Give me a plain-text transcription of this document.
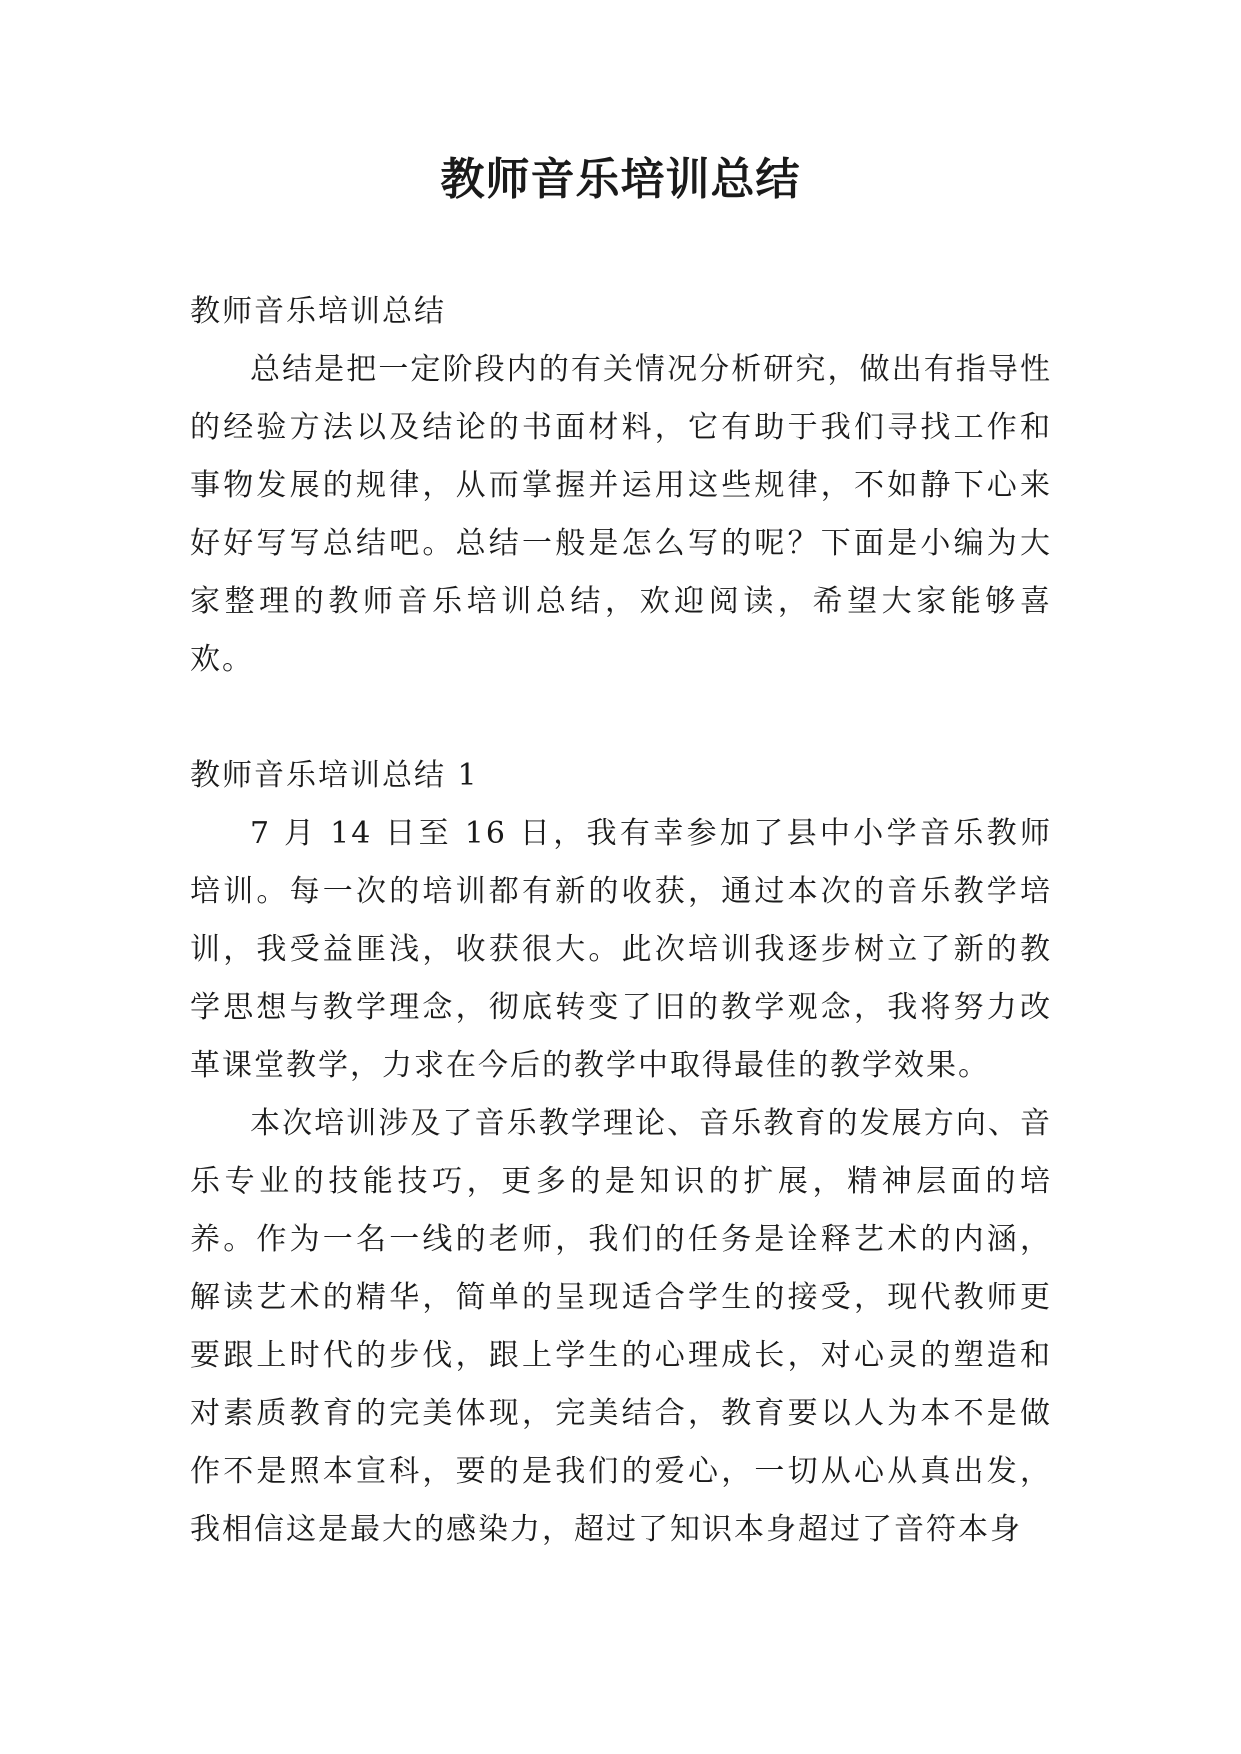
教师音乐培训总结

教师音乐培训总结

总结是把一定阶段内的有关情况分析研究，做出有指导性的经验方法以及结论的书面材料，它有助于我们寻找工作和事物发展的规律，从而掌握并运用这些规律，不如静下心来好好写写总结吧。总结一般是怎么写的呢？下面是小编为大家整理的教师音乐培训总结，欢迎阅读，希望大家能够喜欢。

教师音乐培训总结 1

7 月 14 日至 16 日，我有幸参加了县中小学音乐教师培训。每一次的培训都有新的收获，通过本次的音乐教学培训，我受益匪浅，收获很大。此次培训我逐步树立了新的教学思想与教学理念，彻底转变了旧的教学观念，我将努力改革课堂教学，力求在今后的教学中取得最佳的教学效果。

本次培训涉及了音乐教学理论、音乐教育的发展方向、音乐专业的技能技巧，更多的是知识的扩展，精神层面的培养。作为一名一线的老师，我们的任务是诠释艺术的内涵，解读艺术的精华，简单的呈现适合学生的接受，现代教师更要跟上时代的步伐，跟上学生的心理成长，对心灵的塑造和对素质教育的完美体现，完美结合，教育要以人为本不是做作不是照本宣科，要的是我们的爱心，一切从心从真出发，我相信这是最大的感染力，超过了知识本身超过了音符本身
